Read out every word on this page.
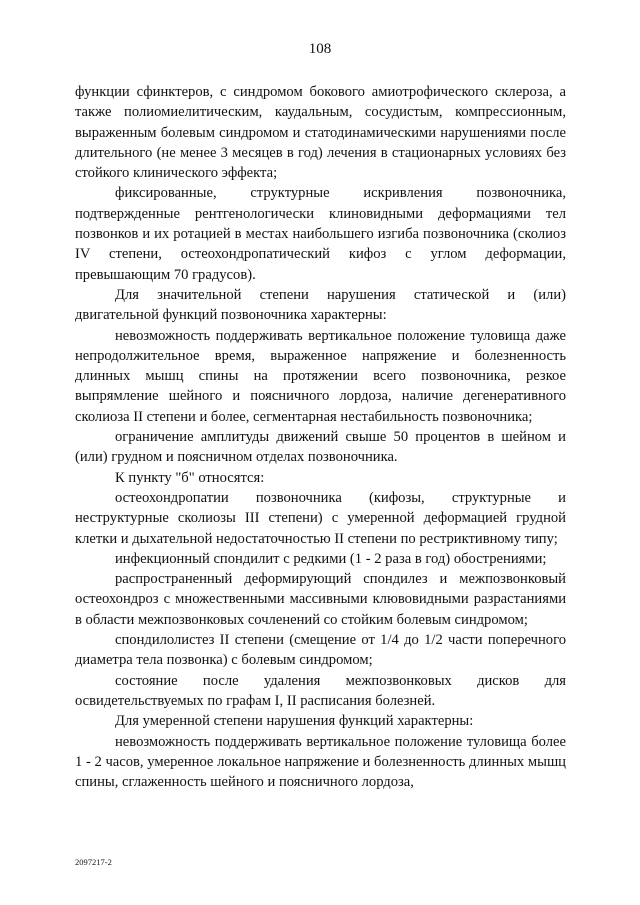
108

функции сфинктеров, с синдромом бокового амиотрофического склероза, а также полиомиелитическим, каудальным, сосудистым, компрессионным, выраженным болевым синдромом и статодинамическими нарушениями после длительного (не менее 3 месяцев в год) лечения в стационарных условиях без стойкого клинического эффекта;

фиксированные, структурные искривления позвоночника, подтвержденные рентгенологически клиновидными деформациями тел позвонков и их ротацией в местах наибольшего изгиба позвоночника (сколиоз IV степени, остеохондропатический кифоз с углом деформации, превышающим 70 градусов).

Для значительной степени нарушения статической и (или) двигательной функций позвоночника характерны:

невозможность поддерживать вертикальное положение туловища даже непродолжительное время, выраженное напряжение и болезненность длинных мышц спины на протяжении всего позвоночника, резкое выпрямление шейного и поясничного лордоза, наличие дегенеративного сколиоза II степени и более, сегментарная нестабильность позвоночника;

ограничение амплитуды движений свыше 50 процентов в шейном и (или) грудном и поясничном отделах позвоночника.

К пункту "б" относятся:

остеохондропатии позвоночника (кифозы, структурные и неструктурные сколиозы III степени) с умеренной деформацией грудной клетки и дыхательной недостаточностью II степени по рестриктивному типу;

инфекционный спондилит с редкими (1 - 2 раза в год) обострениями;

распространенный деформирующий спондилез и межпозвонковый остеохондроз с множественными массивными клювовидными разрастаниями в области межпозвонковых сочленений со стойким болевым синдромом;

спондилолистез II степени (смещение от 1/4 до 1/2 части поперечного диаметра тела позвонка) с болевым синдромом;

состояние после удаления межпозвонковых дисков для освидетельствуемых по графам I, II расписания болезней.

Для умеренной степени нарушения функций характерны:

невозможность поддерживать вертикальное положение туловища более 1 - 2 часов, умеренное локальное напряжение и болезненность длинных мышц спины, сглаженность шейного и поясничного лордоза,

2097217-2
